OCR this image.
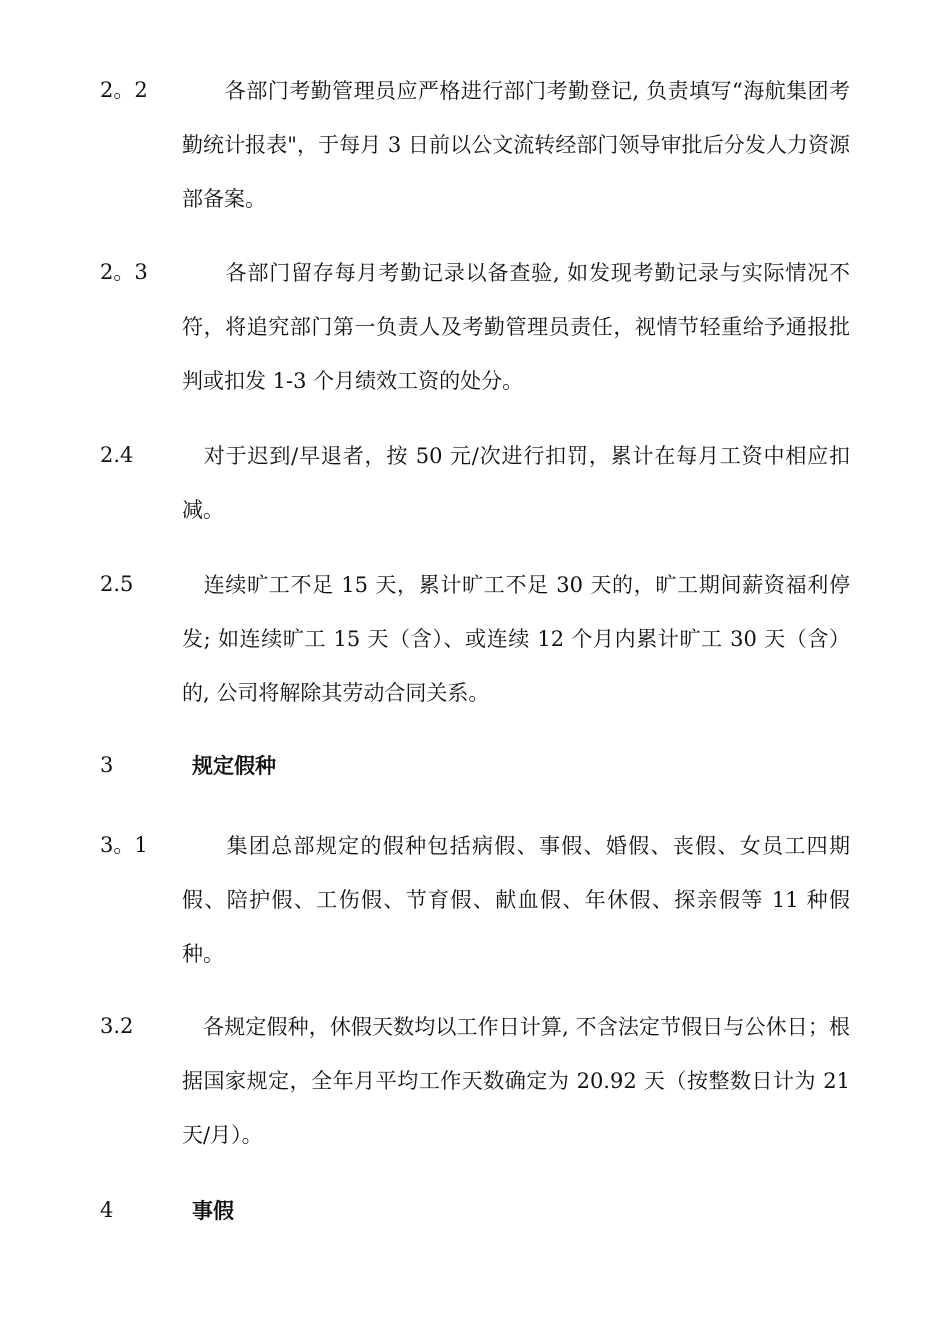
2。2 　　各部门考勤管理员应严格进行部门考勤登记, 负责填写“海航集团考勤统计报表"，于每月 3 日前以公文流转经部门领导审批后分发人力资源部备案。
2。3 　　各部门留存每月考勤记录以备查验, 如发现考勤记录与实际情况不符，将追究部门第一负责人及考勤管理员责任，视情节轻重给予通报批判或扣发 1-3 个月绩效工资的处分。
2.4 　对于迟到/早退者，按 50 元/次进行扣罚，累计在每月工资中相应扣减。
2.5 　连续旷工不足 15 天，累计旷工不足 30 天的，旷工期间薪资福利停发; 如连续旷工 15 天（含）、或连续 12 个月内累计旷工 30 天（含）的, 公司将解除其劳动合同关系。
3	规定假种
3。1 　　集团总部规定的假种包括病假、事假、婚假、丧假、女员工四期假、陪护假、工伤假、节育假、献血假、年休假、探亲假等 11 种假种。
3.2 　各规定假种，休假天数均以工作日计算, 不含法定节假日与公休日；根据国家规定，全年月平均工作天数确定为 20.92 天（按整数日计为 21 天/月）。
4	事假
